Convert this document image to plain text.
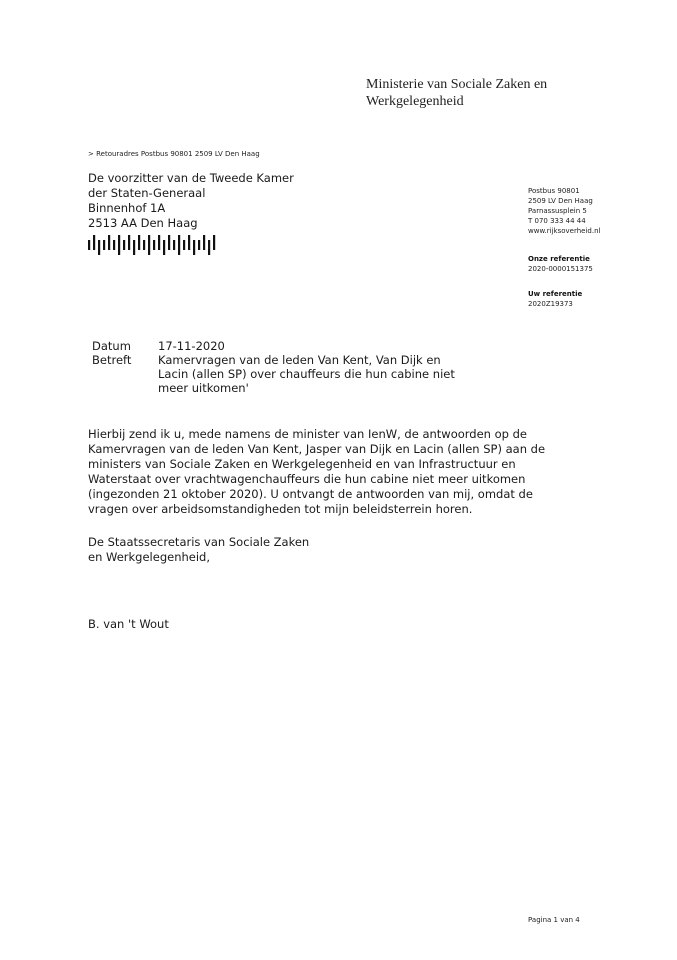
Ministerie van Sociale Zaken en
Werkgelegenheid
> Retouradres Postbus 90801 2509 LV Den Haag
De voorzitter van de Tweede Kamer
der Staten-Generaal
Binnenhof 1A
2513 AA Den Haag
Postbus 90801
2509 LV Den Haag
Parnassusplein 5
T 070 333 44 44
www.rijksoverheid.nl
Onze referentie
2020-0000151375
Uw referentie
2020Z19373
Datum	17-11-2020
Betreft	Kamervragen van de leden Van Kent, Van Dijk en
Lacin (allen SP) over chauffeurs die hun cabine niet
meer uitkomen'
Hierbij zend ik u, mede namens de minister van IenW, de antwoorden op de
Kamervragen van de leden Van Kent, Jasper van Dijk en Lacin (allen SP) aan de
ministers van Sociale Zaken en Werkgelegenheid en van Infrastructuur en
Waterstaat over vrachtwagenchauffeurs die hun cabine niet meer uitkomen
(ingezonden 21 oktober 2020). U ontvangt de antwoorden van mij, omdat de
vragen over arbeidsomstandigheden tot mijn beleidsterrein horen.
De Staatssecretaris van Sociale Zaken
en Werkgelegenheid,
B. van 't Wout
Pagina 1 van 4
